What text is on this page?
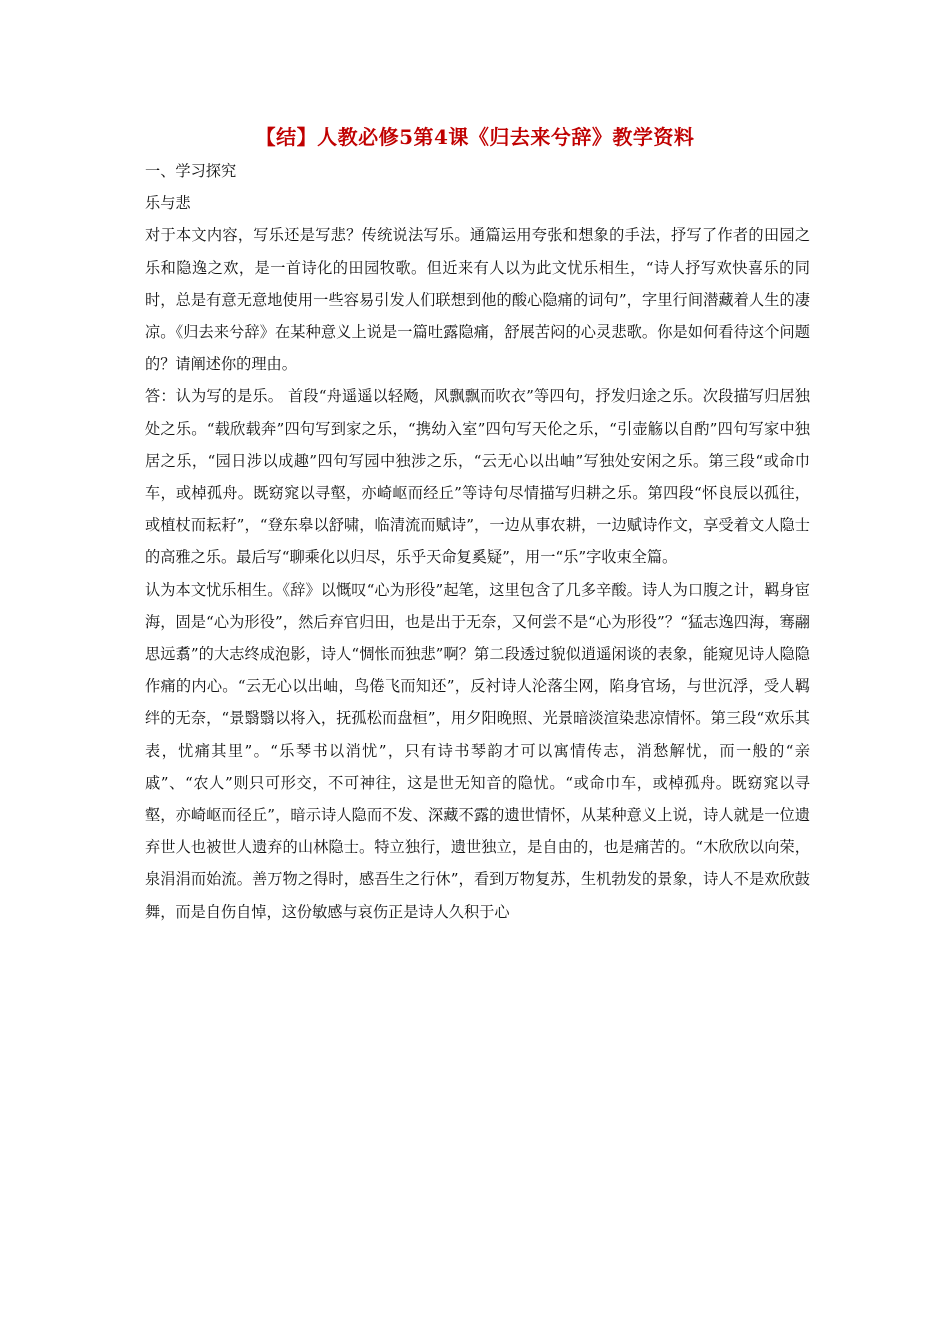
【结】人教必修5第4课《归去来兮辞》教学资料

一、学习探究

乐与悲

对于本文内容，写乐还是写悲？传统说法写乐。通篇运用夸张和想象的手法，抒写了作者的田园之乐和隐逸之欢，是一首诗化的田园牧歌。但近来有人以为此文忧乐相生，“诗人抒写欢快喜乐的同时，总是有意无意地使用一些容易引发人们联想到他的酸心隐痛的词句”，字里行间潜藏着人生的凄凉。《归去来兮辞》在某种意义上说是一篇吐露隐痛，舒展苦闷的心灵悲歌。你是如何看待这个问题的？请阐述你的理由。

答：认为写的是乐。 首段“舟遥遥以轻飏，风飘飘而吹衣”等四句，抒发归途之乐。次段描写归居独处之乐。“载欣载奔”四句写到家之乐，“携幼入室”四句写天伦之乐，“引壶觞以自酌”四句写家中独居之乐，“园日涉以成趣”四句写园中独涉之乐，“云无心以出岫”写独处安闲之乐。第三段“或命巾车，或棹孤舟。既窈窕以寻壑，亦崎岖而经丘”等诗句尽情描写归耕之乐。第四段“怀良辰以孤往，或植杖而耘耔”，“登东皋以舒啸，临清流而赋诗”，一边从事农耕，一边赋诗作文，享受着文人隐士的高雅之乐。最后写“聊乘化以归尽，乐乎天命复奚疑”，用一“乐”字收束全篇。

认为本文忧乐相生。《辞》以慨叹“心为形役”起笔，这里包含了几多辛酸。诗人为口腹之计，羁身宦海，固是“心为形役”，然后弃官归田，也是出于无奈，又何尝不是“心为形役”？“猛志逸四海，骞翮思远翥”的大志终成泡影，诗人“惆怅而独悲”啊？第二段透过貌似逍遥闲谈的表象，能窥见诗人隐隐作痛的内心。“云无心以出岫，鸟倦飞而知还”，反衬诗人沦落尘网，陷身官场，与世沉浮，受人羁绊的无奈，“景翳翳以将入，抚孤松而盘桓”，用夕阳晚照、光景暗淡渲染悲凉情怀。第三段“欢乐其表，忧痛其里”。“乐琴书以消忧”，只有诗书琴韵才可以寓情传志，消愁解忧，而一般的“亲戚”、“农人”则只可形交，不可神往，这是世无知音的隐忧。“或命巾车，或棹孤舟。既窈窕以寻壑，亦崎岖而径丘”，暗示诗人隐而不发、深藏不露的遗世情怀，从某种意义上说，诗人就是一位遗弃世人也被世人遗弃的山林隐士。特立独行，遗世独立，是自由的，也是痛苦的。“木欣欣以向荣，泉涓涓而始流。善万物之得时，感吾生之行休”，看到万物复苏，生机勃发的景象，诗人不是欢欣鼓舞，而是自伤自悼，这份敏感与哀伤正是诗人久积于心
